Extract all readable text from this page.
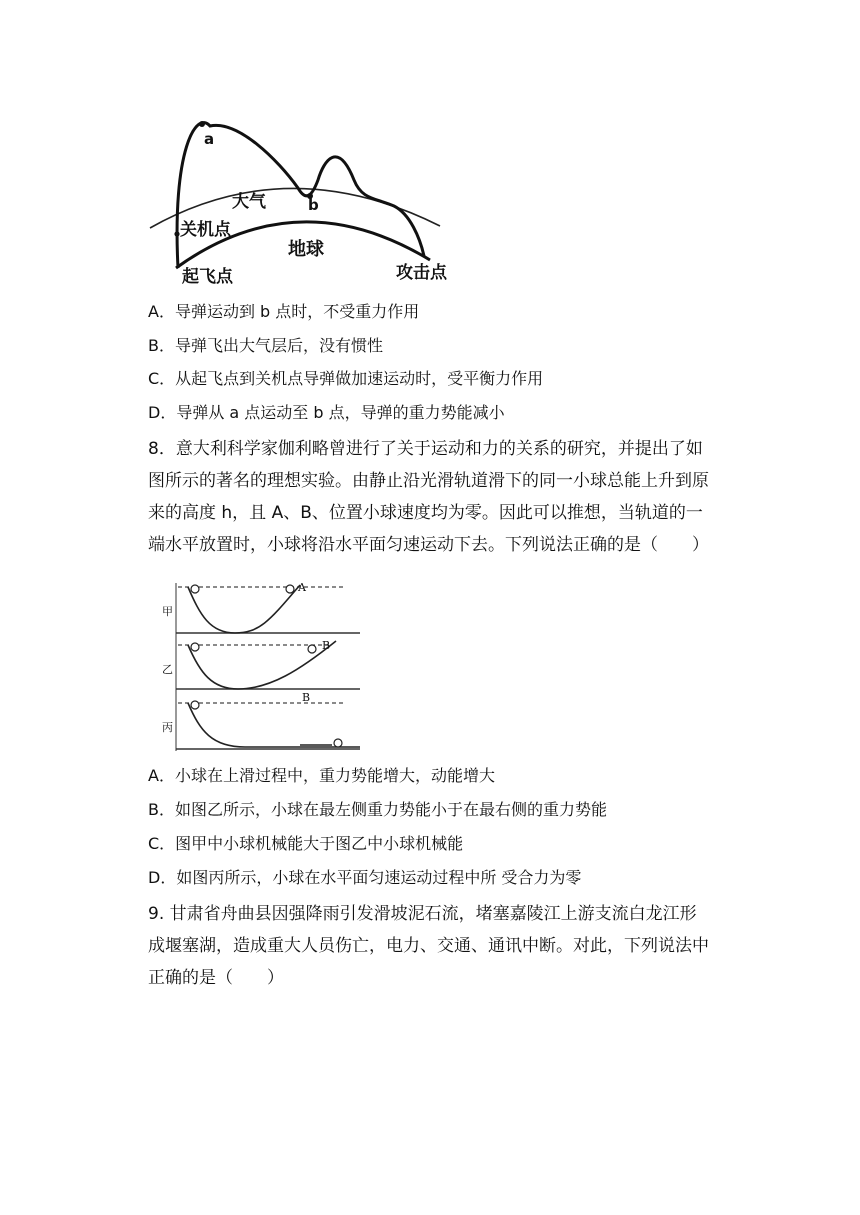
a
b
大气
关机点
地球
起飞点	攻击点
A．导弹运动到 b 点时，不受重力作用
B．导弹飞出大气层后，没有惯性
C．从起飞点到关机点导弹做加速运动时，受平衡力作用
D．导弹从 a 点运动至 b 点，导弹的重力势能减小
8．意大利科学家伽利略曾进行了关于运动和力的关系的研究，并提出了如
图所示的著名的理想实验。由静止沿光滑轨道滑下的同一小球总能上升到原
来的高度 h，且 A、B、位置小球速度均为零。因此可以推想，当轨道的一
端水平放置时，小球将沿水平面匀速运动下去。下列说法正确的是（　　）
甲
A
乙
B
B
丙
A．小球在上滑过程中，重力势能增大，动能增大
B．如图乙所示，小球在最左侧重力势能小于在最右侧的重力势能
C．图甲中小球机械能大于图乙中小球机械能
D．如图丙所示，小球在水平面匀速运动过程中所 受合力为零
9. 甘肃省舟曲县因强降雨引发滑坡泥石流，堵塞嘉陵江上游支流白龙江形
成堰塞湖，造成重大人员伤亡，电力、交通、通讯中断。对此，下列说法中
正确的是（　　）
